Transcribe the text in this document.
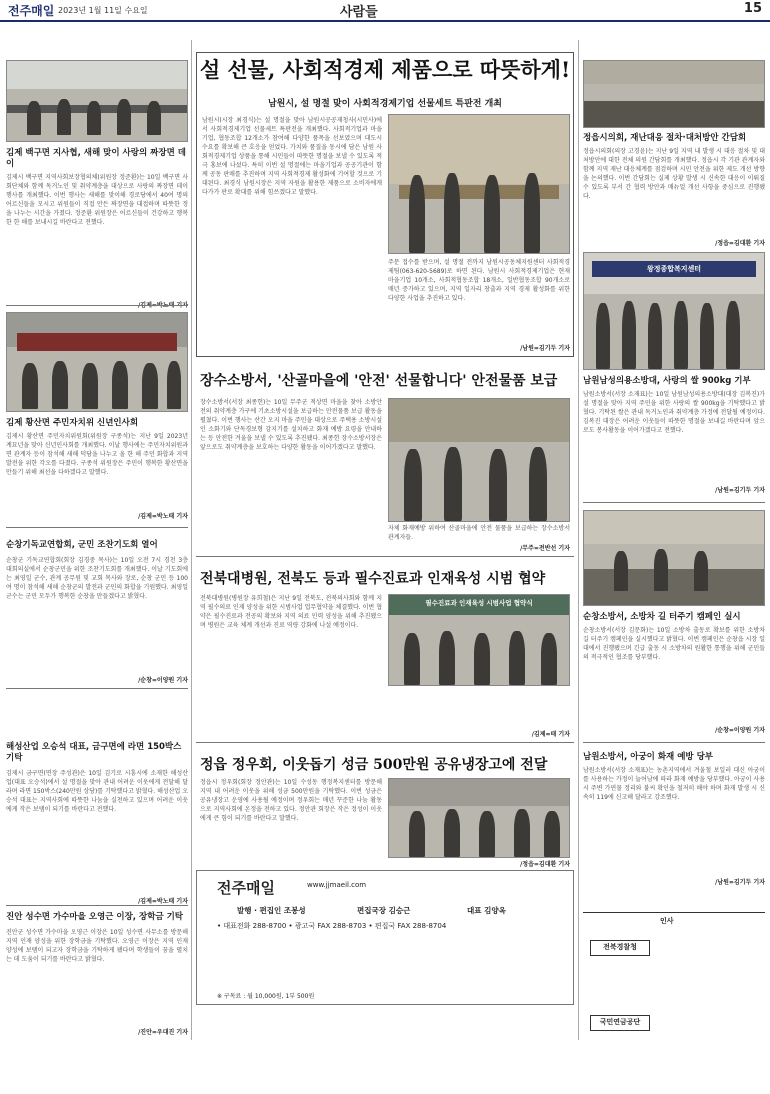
전주매일 2023년 1월 11일 수요일	사람들	15
김제 백구면 지사협, 새해 맞이 사랑의 짜장면 데이
김제시 백구면 지역사회보장협의체(위원장 정준환)는 10일 백구면 사회단체와 함께 독거노인 및 취약계층을 대상으로 사랑의 짜장면 데이 행사를 개최했다. 이번 행사는 새해를 맞이해 경로당에서 40여 명의 어르신들을 모시고 위원들이 직접 만든 짜장면을 대접하며 따뜻한 정을 나누는 시간을 가졌다. 정준환 위원장은 어르신들이 건강하고 행복한 한 해를 보내시길 바란다고 전했다.
김제 황산면 주민자치위 신년인사회
김제시 황산면 주민자치위원회(위원장 구종석)는 지난 9일 2023년 계묘년을 맞아 신년인사회를 개최했다. 이날 행사에는 주민자치위원과 면 관계자 등이 참석해 새해 덕담을 나누고 올 한 해 주민 화합과 지역 발전을 위한 각오를 다졌다. 구종석 위원장은 주민이 행복한 황산면을 만들기 위해 최선을 다하겠다고 말했다.
/김제=박노태 기자
순창기독교연합회, 군민 조찬기도회 열어
순창군 기독교연합회(회장 김경중 목사)는 10일 오전 7시 경천 3층 대회의실에서 순창군민을 위한 조찬기도회를 개최했다. 이날 기도회에는 최영일 군수, 관계 공무원 및 교회 목사와 장로, 순창 군민 등 100여 명이 참석해 새해 순창군의 발전과 군민의 화합을 기원했다. 최영일 군수는 군민 모두가 행복한 순창을 만들겠다고 밝혔다.
/순창=이양원 기자
해성산업 오승석 대표, 금구면에 라면 150박스 기탁
김제시 금구면(면장 주성관)은 10일 김기로 시흥시에 소재한 해성산업(대표 오승석)에서 설 명절을 맞아 관내 어려운 이웃에게 전달해 달라며 라면 150박스(240만원 상당)를 기탁했다고 밝혔다. 해성산업 오승석 대표는 지역사회에 따뜻한 나눔을 실천하고 있으며 어려운 이웃에게 작은 보탬이 되기를 바란다고 전했다.
/김제=박노태 기자
진안 성수면 가수마을 오영근 이장, 장학금 기탁
진안군 성수면 가수마을 오영근 이장은 10일 성수면 사무소를 방문해 지역 인재 양성을 위한 장학금을 기탁했다. 오영근 이장은 지역 인재 양성에 보탬이 되고자 장학금을 기탁하게 됐다며 학생들이 꿈을 펼치는 데 도움이 되기를 바란다고 밝혔다.
/진안=우대진 기자
설 선물, 사회적경제 제품으로 따뜻하게!
남원시, 설 명절 맞이 사회적경제기업 선물세트 특판전 개최
남원시(시장 최경식)는 설 명절을 맞아 남원시공공재청사(시민사)에서 사회적경제기업 선물세트 특판전을 개최했다. 사회적기업과 마을기업, 협동조합 12개소가 참여해 다양한 품목을 선보였으며 대도시 수요를 확보해 큰 호응을 얻었다. 가치와 품질을 동시에 담은 남원 사회적경제기업 상품을 통해 시민들이 따뜻한 명절을 보낼 수 있도록 적극 홍보에 나섰다. 특히 이번 설 명절에는 마을기업과 공공기관이 함께 공동 판매를 추진하며 지역 사회적경제 활성화에 기여할 것으로 기대된다. 최경식 남원시장은 지역 자원을 활용한 제품으로 소비자에게 다가가 판로 확대를 위해 힘쓰겠다고 말했다.
주문 접수를 받으며, 설 명절 전까지 남원시공동체지원센터 사회적경제팀(063-620-5689)로 하면 된다. 남원시 사회적경제기업은 현재 마을기업 10개소, 사회적협동조합 18개소, 일반협동조합 90개소로 매년 증가하고 있으며, 지역 일자리 창출과 지역 경제 활성화를 위한 다양한 사업을 추진하고 있다.
/남원=김기두 기자
장수소방서, '산골마을에 '안전' 선물합니다' 안전물품 보급
장수소방서(서장 최종헌)는 10일 무주군 적상면 마을을 찾아 소방안전의 취약계층 가구에 기초소방시설을 보급하는 안전물품 보급 활동을 펼쳤다. 이번 행사는 산간 오지 마을 주민을 대상으로 주택용 소방시설인 소화기와 단독경보형 감지기를 설치하고 화재 예방 요령을 안내하는 등 안전한 겨울을 보낼 수 있도록 추진됐다. 최종헌 장수소방서장은 앞으로도 취약계층을 보호하는 다양한 활동을 이어가겠다고 말했다.
자체 화재예방 위하여 산골마을에 안전 물품을 보급하는 장수소방서 관계자들.
/무주=전반선 기자
전북대병원, 전북도 등과 필수진료과 인재육성 시범 협약
전북대병원(병원장 유희철)은 지난 9일 전북도, 전북의사회와 함께 지역 필수의료 인재 양성을 위한 시범사업 업무협약을 체결했다. 이번 협약은 필수진료과 전공의 확보와 지역 의료 인력 양성을 위해 추진됐으며 병원은 교육 체계 개선과 진료 역량 강화에 나설 예정이다.
필수진료과 인재육성 시범사업 협약식
/김제=태 기자
정읍 정우회, 이웃돕기 성금 500만원 공유냉장고에 전달
정읍시 정우회(회장 정안관)는 10일 수성동 행정복지센터를 방문해 지역 내 어려운 이웃을 위해 성금 500만원을 기탁했다. 이번 성금은 공유냉장고 운영에 사용될 예정이며 정우회는 매년 꾸준한 나눔 활동으로 지역사회에 온정을 전하고 있다. 정안관 회장은 작은 정성이 이웃에게 큰 힘이 되기를 바란다고 말했다.
/정읍=김대환 기자
전주매일	www.jjmaeil.com
발행 · 편집인 조봉성	편집국장 김승근	대표 김양옥
• 대표전화 288-8700 • 광고국 FAX 288-8703 • 편집국 FAX 288-8704
※ 구독료 : 월 10,000원, 1부 500원
정읍시의회, 재난대응 절차·대처방안 간담회
정읍시의회(의장 고경윤)는 지난 9일 지역 내 발생 시 대응 절차 및 대처방안에 대한 전체 의원 간담회를 개최했다. 정읍시 각 기관 관계자와 함께 지역 재난 대응체계를 점검하며 시민 안전을 위한 제도 개선 방향을 논의했다. 이번 간담회는 실제 상황 발생 시 신속한 대응이 이뤄질 수 있도록 부서 간 협력 방안과 매뉴얼 개선 사항을 중심으로 진행됐다.
/정읍=김대환 기자
왕정종합복지센터
남원남성의용소방대, 사랑의 쌀 900kg 기부
남원소방서(서장 소재표)는 10일 남원남성의용소방대(대장 김복진)가 설 명절을 맞아 지역 주민을 위한 사랑의 쌀 900kg을 기탁했다고 밝혔다. 기탁된 쌀은 관내 독거노인과 취약계층 가정에 전달될 예정이다. 김복진 대장은 어려운 이웃들이 따뜻한 명절을 보내길 바란다며 앞으로도 봉사활동을 이어가겠다고 전했다.
/남원=김기두 기자
순창소방서, 소방차 길 터주기 캠페인 실시
순창소방서(서장 김문화)는 10일 소방차 출동로 확보를 위한 소방차 길 터주기 캠페인을 실시했다고 밝혔다. 이번 캠페인은 순창읍 시장 일대에서 진행됐으며 긴급 출동 시 소방차의 원활한 통행을 위해 군민들의 적극적인 협조를 당부했다.
/순창=이양원 기자
남원소방서, 아궁이 화재 예방 당부
남원소방서(서장 소재표)는 농촌지역에서 겨울철 보일러 대신 아궁이를 사용하는 가정이 늘어남에 따라 화재 예방을 당부했다. 아궁이 사용 시 주변 가연물 정리와 불씨 확인을 철저히 해야 하며 화재 발생 시 신속히 119에 신고해 달라고 강조했다.
/남원=김기두 기자
인사
전북경찰청
국민연금공단
